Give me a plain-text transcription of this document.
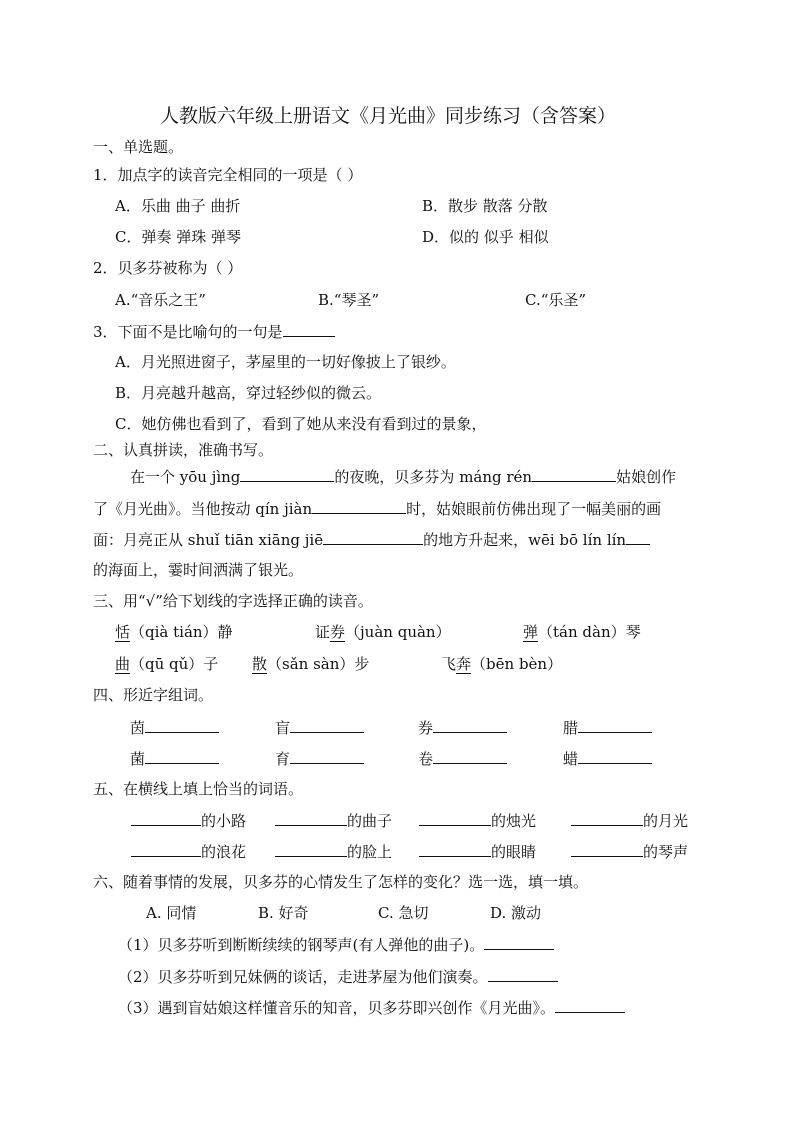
人教版六年级上册语文《月光曲》同步练习（含答案）
一、单选题。
1．加点字的读音完全相同的一项是（ ）
A．乐曲 曲子 曲折	B．散步 散落 分散
C．弹奏 弹珠 弹琴	D．似的 似乎 相似
2．贝多芬被称为（ ）
A.“音乐之王”	B.“琴圣”	C.“乐圣”
3．下面不是比喻句的一句是
A．月光照进窗子，茅屋里的一切好像披上了银纱。
B．月亮越升越高，穿过轻纱似的微云。
C．她仿佛也看到了，看到了她从来没有看到过的景象，
二、认真拼读，准确书写。
在一个 yōu jìng	的夜晚，贝多芬为 máng rén	姑娘创作
了《月光曲》。当他按动 qín jiàn	时，姑娘眼前仿佛出现了一幅美丽的画
面：月亮正从 shuǐ tiān xiāng jiē	的地方升起来，wēi bō lín lín
的海面上，霎时间洒满了银光。
三、用“√”给下划线的字选择正确的读音。
恬（qià tián）静	证券（juàn quàn）	弹（tán dàn）琴
曲（qū qǔ）子 散（sǎn sàn）步	飞奔（bēn bèn）
四、形近字组词。
茵	盲	券	腊
菌	育	卷	蜡
五、在横线上填上恰当的词语。
的小路	的曲子	的烛光	的月光
的浪花	的脸上	的眼睛	的琴声
六、随着事情的发展，贝多芬的心情发生了怎样的变化？选一选，填一填。
A. 同情	B. 好奇	C. 急切	D. 激动
（1）贝多芬听到断断续续的钢琴声(有人弹他的曲子)。
（2）贝多芬听到兄妹俩的谈话，走进茅屋为他们演奏。
（3）遇到盲姑娘这样懂音乐的知音，贝多芬即兴创作《月光曲》。
